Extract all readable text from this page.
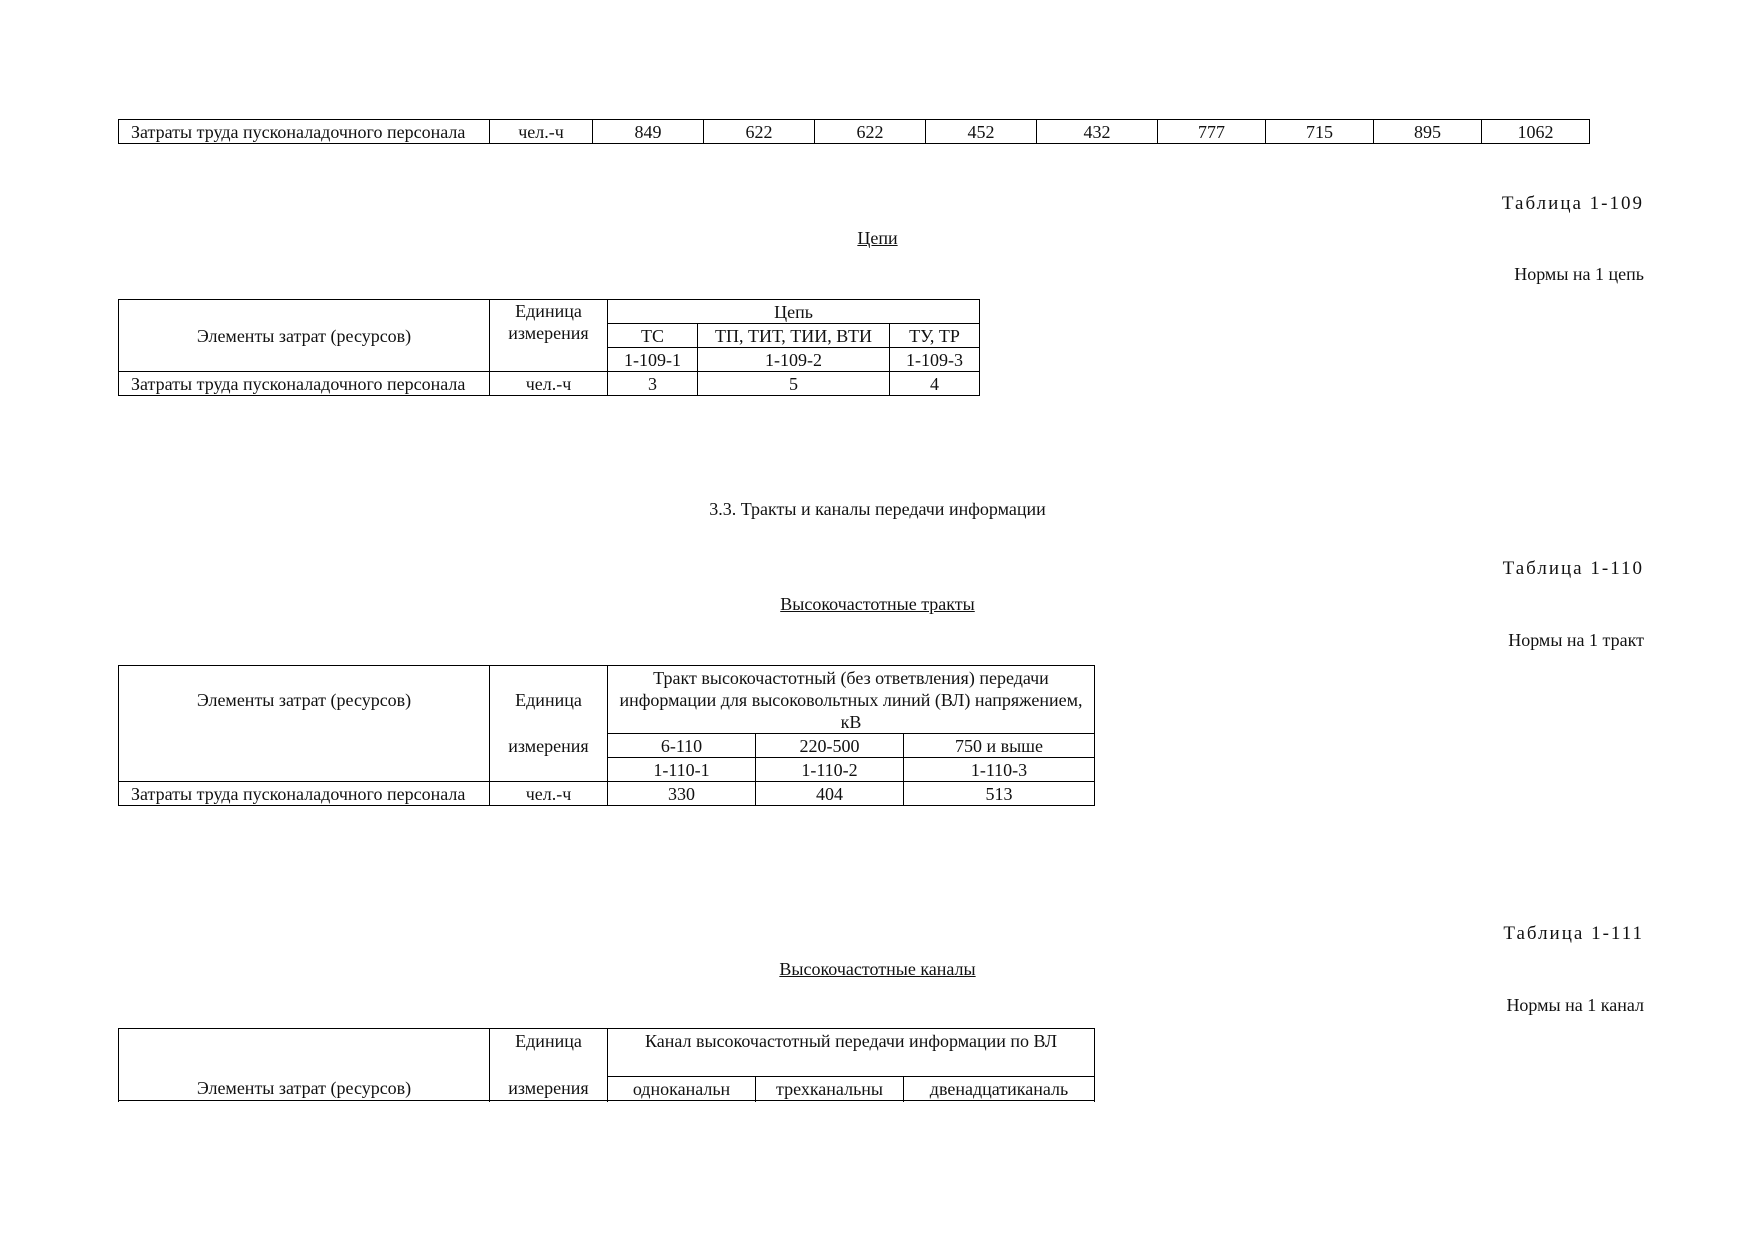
Затраты труда пусконаладочного персонала	чел.-ч	849	622	622	452	432	777	715	895	1062
Таблица 1-109
Цепи
Нормы на 1 цепь
Элементы затрат (ресурсов)	Единица измерения	Цепь		
		ТС	ТП, ТИТ, ТИИ, ВТИ	ТУ, ТР
		1-109-1	1-109-2	1-109-3
Затраты труда пусконаладочного персонала	чел.-ч	3	5	4
3.3. Тракты и каналы передачи информации
Таблица 1-110
Высокочастотные тракты
Нормы на 1 тракт
Элементы затрат (ресурсов)	Единица	Тракт высокочастотный (без ответвления) передачи информации для высоковольтных линий (ВЛ) напряжением, кВ		
	измерения	6-110	220-500	750 и выше
		1-110-1	1-110-2	1-110-3
Затраты труда пусконаладочного персонала	чел.-ч	330	404	513
Таблица 1-111
Высокочастотные каналы
Нормы на 1 канал
	Единица	Канал высокочастотный передачи информации по ВЛ		
Элементы затрат (ресурсов)	измерения	одноканальн	трехканальны	двенадцатиканаль
